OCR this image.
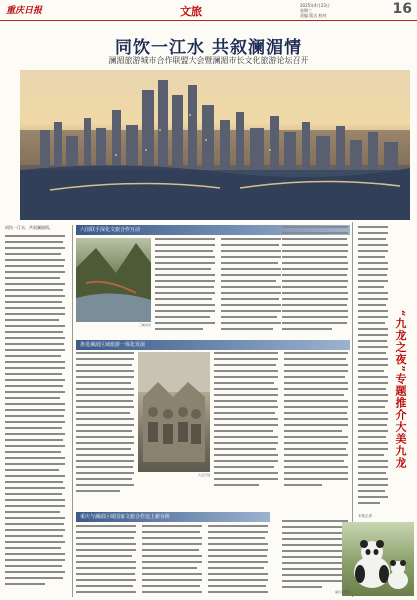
重庆日报	文旅	2025年4月23日
星期三
责编 版式 校对	16
同饮一江水 共叙澜湄情
澜湄旅游城市合作联盟大会暨澜湄市长文化旅游论坛召开
同饮一江水，共叙澜湄情。	六国联手深化文旅合作互动
三峡风光
推进澜湄区域旅游一体化发展
大足石刻
重庆与澜湄区域国家文旅合作迈上新台阶
“九龙之夜”专题推介大美九龙
本报记者
重庆动物园
